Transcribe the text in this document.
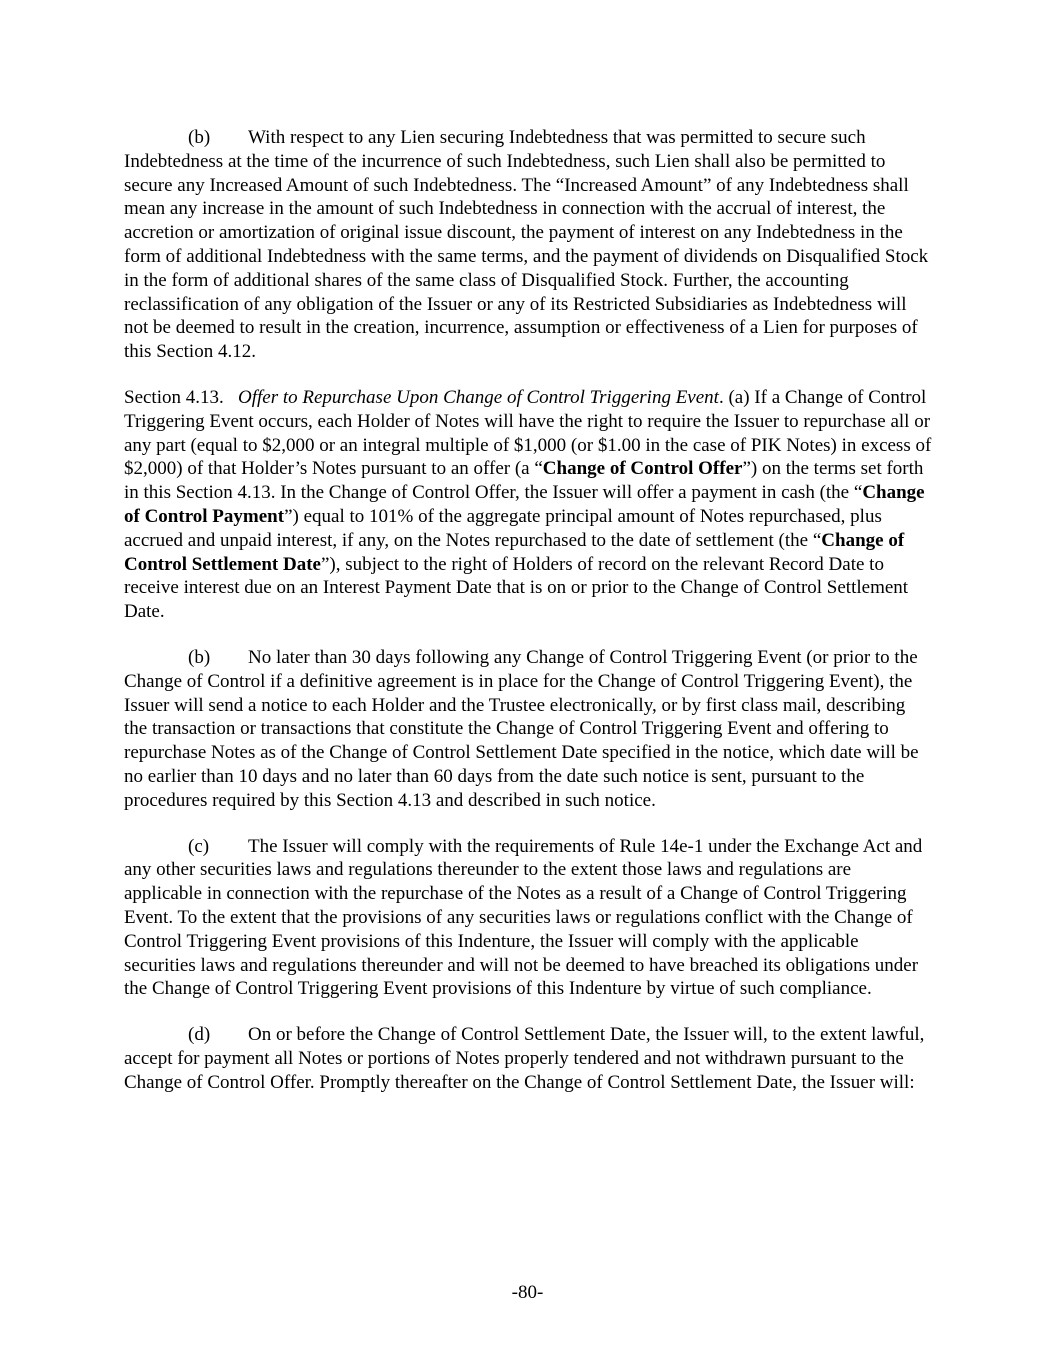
(b) With respect to any Lien securing Indebtedness that was permitted to secure such Indebtedness at the time of the incurrence of such Indebtedness, such Lien shall also be permitted to secure any Increased Amount of such Indebtedness. The “Increased Amount” of any Indebtedness shall mean any increase in the amount of such Indebtedness in connection with the accrual of interest, the accretion or amortization of original issue discount, the payment of interest on any Indebtedness in the form of additional Indebtedness with the same terms, and the payment of dividends on Disqualified Stock in the form of additional shares of the same class of Disqualified Stock. Further, the accounting reclassification of any obligation of the Issuer or any of its Restricted Subsidiaries as Indebtedness will not be deemed to result in the creation, incurrence, assumption or effectiveness of a Lien for purposes of this Section 4.12.

Section 4.13. Offer to Repurchase Upon Change of Control Triggering Event. (a) If a Change of Control Triggering Event occurs, each Holder of Notes will have the right to require the Issuer to repurchase all or any part (equal to $2,000 or an integral multiple of $1,000 (or $1.00 in the case of PIK Notes) in excess of $2,000) of that Holder’s Notes pursuant to an offer (a “Change of Control Offer”) on the terms set forth in this Section 4.13. In the Change of Control Offer, the Issuer will offer a payment in cash (the “Change of Control Payment”) equal to 101% of the aggregate principal amount of Notes repurchased, plus accrued and unpaid interest, if any, on the Notes repurchased to the date of settlement (the “Change of Control Settlement Date”), subject to the right of Holders of record on the relevant Record Date to receive interest due on an Interest Payment Date that is on or prior to the Change of Control Settlement Date.

(b) No later than 30 days following any Change of Control Triggering Event (or prior to the Change of Control if a definitive agreement is in place for the Change of Control Triggering Event), the Issuer will send a notice to each Holder and the Trustee electronically, or by first class mail, describing the transaction or transactions that constitute the Change of Control Triggering Event and offering to repurchase Notes as of the Change of Control Settlement Date specified in the notice, which date will be no earlier than 10 days and no later than 60 days from the date such notice is sent, pursuant to the procedures required by this Section 4.13 and described in such notice.

(c) The Issuer will comply with the requirements of Rule 14e-1 under the Exchange Act and any other securities laws and regulations thereunder to the extent those laws and regulations are applicable in connection with the repurchase of the Notes as a result of a Change of Control Triggering Event. To the extent that the provisions of any securities laws or regulations conflict with the Change of Control Triggering Event provisions of this Indenture, the Issuer will comply with the applicable securities laws and regulations thereunder and will not be deemed to have breached its obligations under the Change of Control Triggering Event provisions of this Indenture by virtue of such compliance.

(d) On or before the Change of Control Settlement Date, the Issuer will, to the extent lawful, accept for payment all Notes or portions of Notes properly tendered and not withdrawn pursuant to the Change of Control Offer. Promptly thereafter on the Change of Control Settlement Date, the Issuer will:

-80-
